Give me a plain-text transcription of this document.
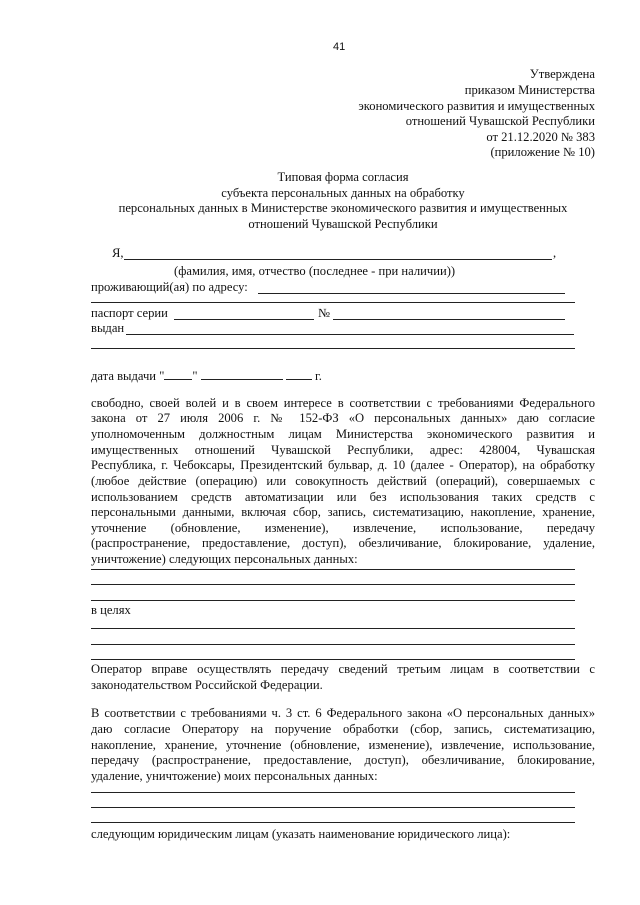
41
Утверждена
приказом Министерства
экономического развития и имущественных
отношений Чувашской Республики
от 21.12.2020 № 383
(приложение № 10)
Типовая форма согласия
субъекта персональных данных на обработку
персональных данных в Министерстве экономического развития и имущественных
отношений Чувашской Республики
Я,	,
(фамилия, имя, отчество (последнее - при наличии))
проживающий(ая) по адресу:
паспорт серии	№
выдан
дата выдачи " "	г.
свободно, своей волей и в своем интересе в соответствии с требованиями Федерального
закона от 27 июля 2006 г. № 152-ФЗ «О персональных данных» даю согласие
уполномоченным должностным лицам Министерства экономического развития и
имущественных отношений Чувашской Республики, адрес: 428004, Чувашская
Республика, г. Чебоксары, Президентский бульвар, д. 10 (далее - Оператор), на обработку
(любое действие (операцию) или совокупность действий (операций), совершаемых с
использованием средств автоматизации или без использования таких средств с
персональными данными, включая сбор, запись, систематизацию, накопление, хранение,
уточнение (обновление, изменение), извлечение, использование, передачу
(распространение, предоставление, доступ), обезличивание, блокирование, удаление,
уничтожение) следующих персональных данных:
в целях
Оператор вправе осуществлять передачу сведений третьим лицам в соответствии с
законодательством Российской Федерации.
В соответствии с требованиями ч. 3 ст. 6 Федерального закона «О персональных данных»
даю согласие Оператору на поручение обработки (сбор, запись, систематизацию,
накопление, хранение, уточнение (обновление, изменение), извлечение, использование,
передачу (распространение, предоставление, доступ), обезличивание, блокирование,
удаление, уничтожение) моих персональных данных:
следующим юридическим лицам (указать наименование юридического лица):
